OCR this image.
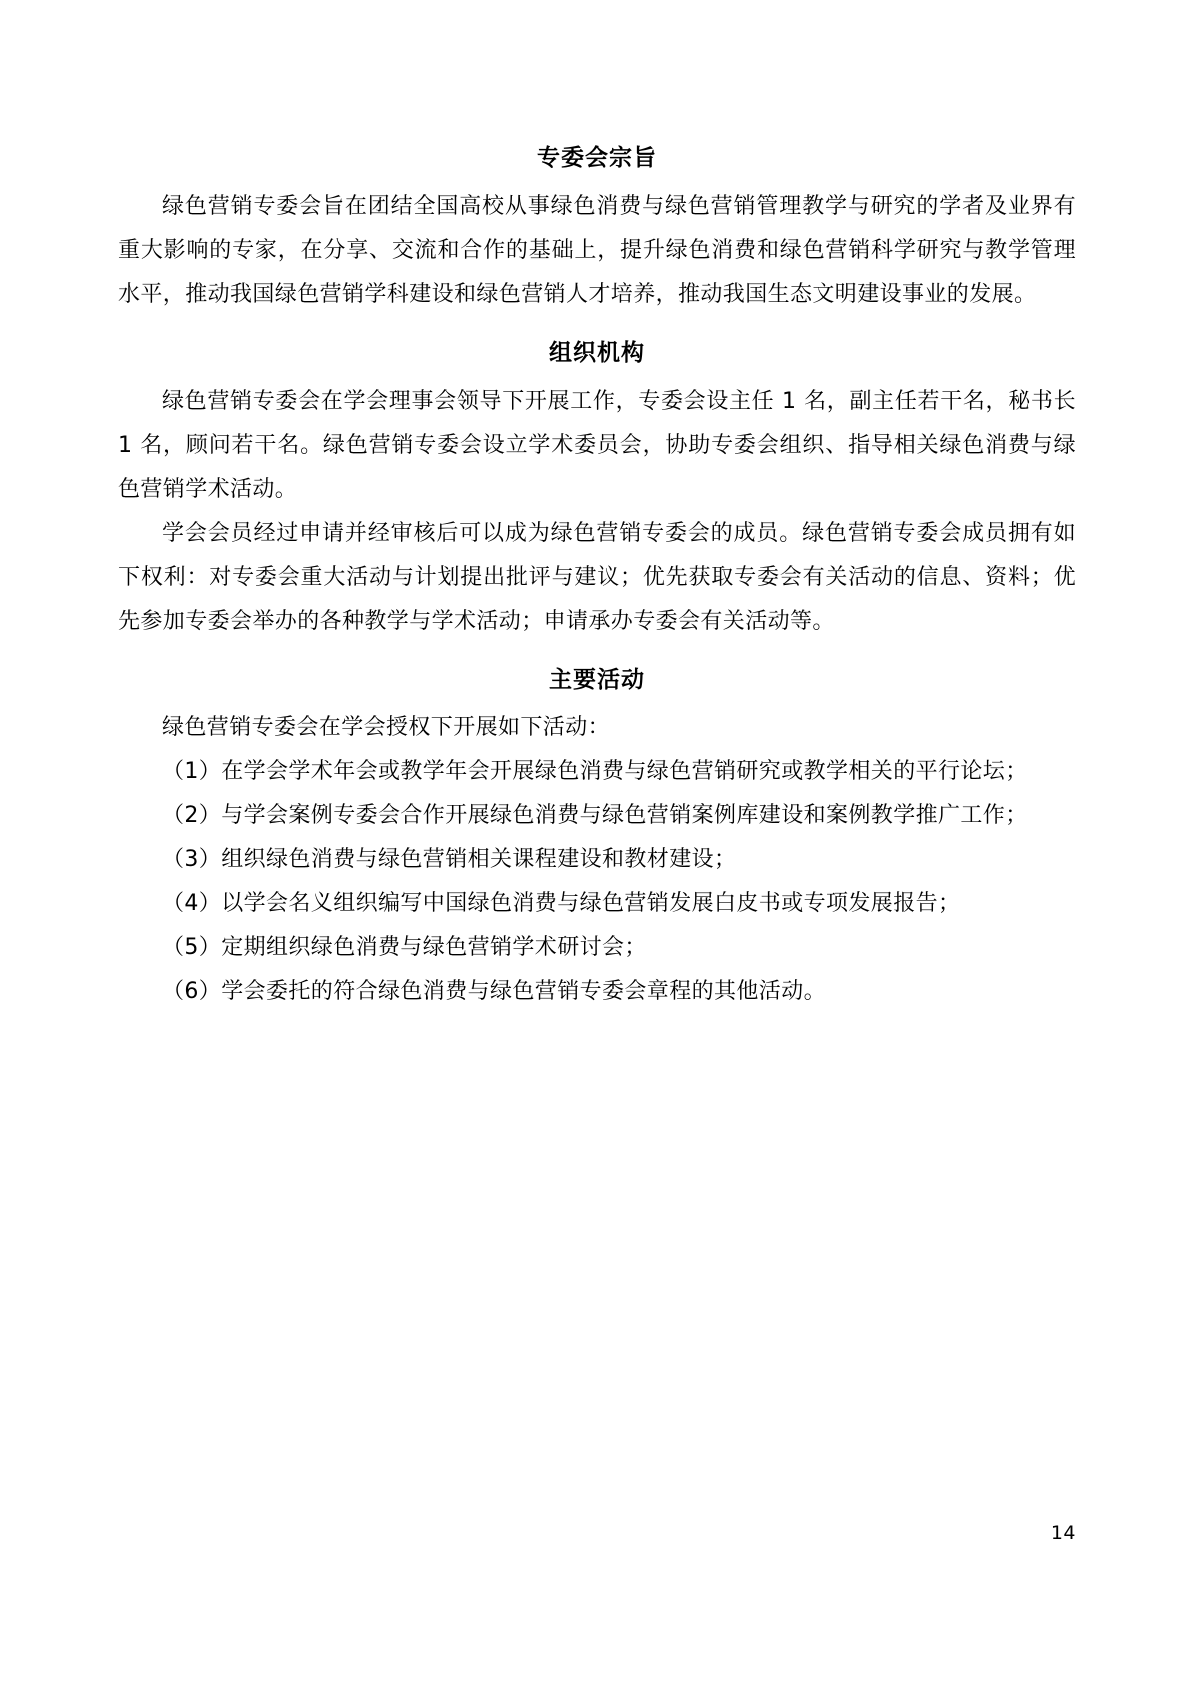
专委会宗旨

绿色营销专委会旨在团结全国高校从事绿色消费与绿色营销管理教学与研究的学者及业界有重大影响的专家，在分享、交流和合作的基础上，提升绿色消费和绿色营销科学研究与教学管理水平，推动我国绿色营销学科建设和绿色营销人才培养，推动我国生态文明建设事业的发展。

组织机构

绿色营销专委会在学会理事会领导下开展工作，专委会设主任 1 名，副主任若干名，秘书长 1 名，顾问若干名。绿色营销专委会设立学术委员会，协助专委会组织、指导相关绿色消费与绿色营销学术活动。

学会会员经过申请并经审核后可以成为绿色营销专委会的成员。绿色营销专委会成员拥有如下权利：对专委会重大活动与计划提出批评与建议；优先获取专委会有关活动的信息、资料；优先参加专委会举办的各种教学与学术活动；申请承办专委会有关活动等。

主要活动

绿色营销专委会在学会授权下开展如下活动：

（1）在学会学术年会或教学年会开展绿色消费与绿色营销研究或教学相关的平行论坛；

（2）与学会案例专委会合作开展绿色消费与绿色营销案例库建设和案例教学推广工作；

（3）组织绿色消费与绿色营销相关课程建设和教材建设；

（4）以学会名义组织编写中国绿色消费与绿色营销发展白皮书或专项发展报告；

（5）定期组织绿色消费与绿色营销学术研讨会；

（6）学会委托的符合绿色消费与绿色营销专委会章程的其他活动。

14
